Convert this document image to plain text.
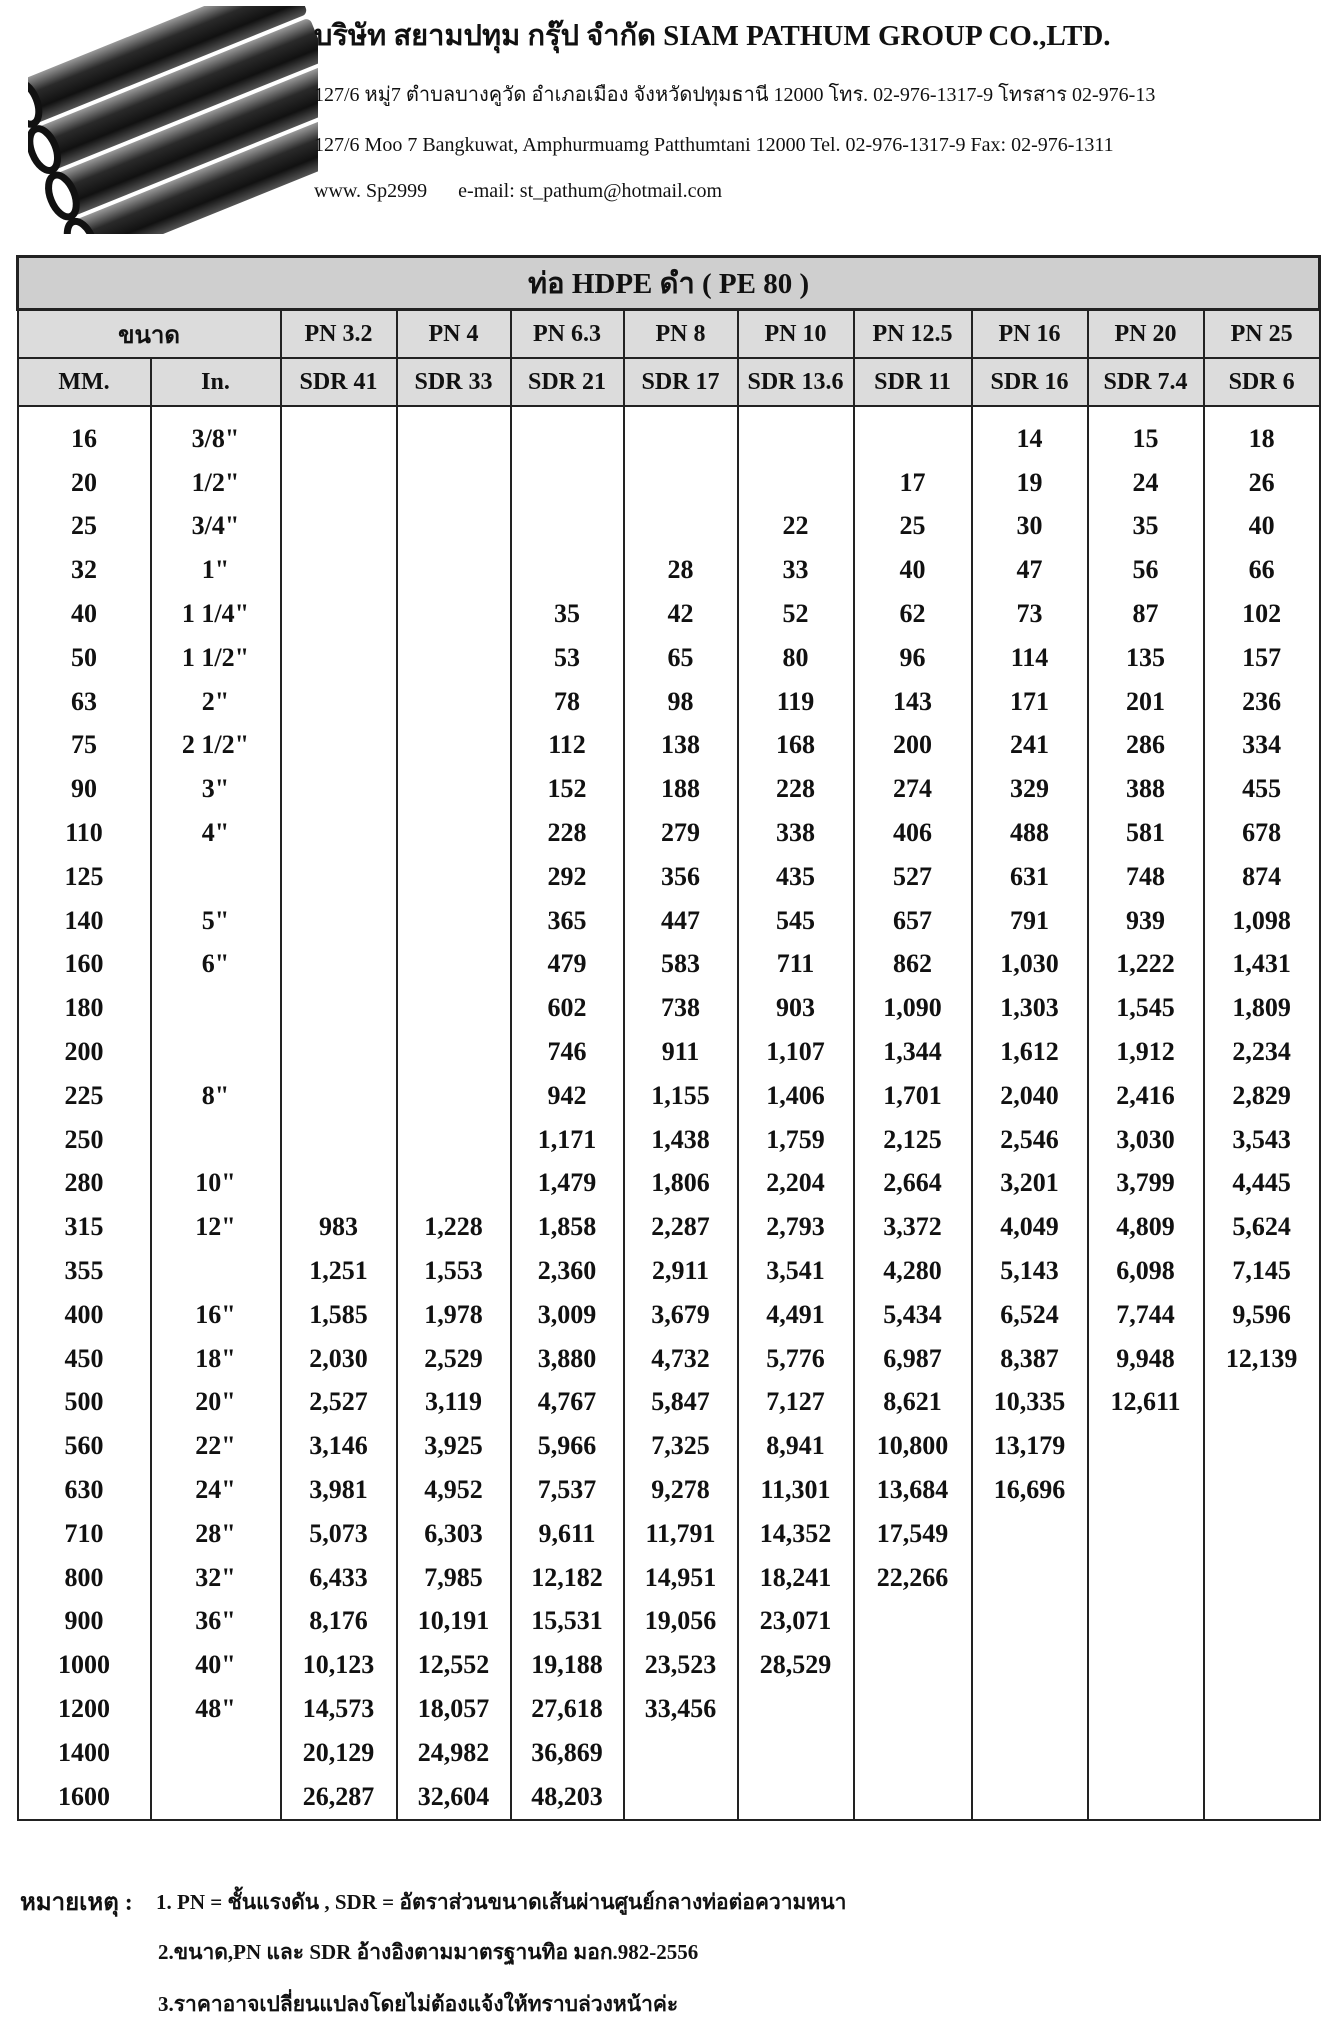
บริษัท สยามปทุม กรุ๊ป จำกัด SIAM PATHUM GROUP CO.,LTD.
127/6 หมู่7 ตำบลบางคูวัด อำเภอเมือง จังหวัดปทุมธานี 12000 โทร. 02-976-1317-9 โทรสาร 02-976-13
127/6 Moo 7 Bangkuwat, Amphurmuamg Patthumtani 12000 Tel. 02-976-1317-9 Fax: 02-976-1311
www. Sp2999 e-mail: st_pathum@hotmail.com
ท่อ HDPE ดำ ( PE 80 )										
ขนาด		PN 3.2	PN 4	PN 6.3	PN 8	PN 10	PN 12.5	PN 16	PN 20	PN 25
MM.	In.	SDR 41	SDR 33	SDR 21	SDR 17	SDR 13.6	SDR 11	SDR 16	SDR 7.4	SDR 6

16	3/8"							14	15	18
20	1/2"						17	19	24	26
25	3/4"					22	25	30	35	40
32	1"				28	33	40	47	56	66
40	1 1/4"			35	42	52	62	73	87	102
50	1 1/2"			53	65	80	96	114	135	157
63	2"			78	98	119	143	171	201	236
75	2 1/2"			112	138	168	200	241	286	334
90	3"			152	188	228	274	329	388	455
110	4"			228	279	338	406	488	581	678
125				292	356	435	527	631	748	874
140	5"			365	447	545	657	791	939	1,098
160	6"			479	583	711	862	1,030	1,222	1,431
180				602	738	903	1,090	1,303	1,545	1,809
200				746	911	1,107	1,344	1,612	1,912	2,234
225	8"			942	1,155	1,406	1,701	2,040	2,416	2,829
250				1,171	1,438	1,759	2,125	2,546	3,030	3,543
280	10"			1,479	1,806	2,204	2,664	3,201	3,799	4,445
315	12"	983	1,228	1,858	2,287	2,793	3,372	4,049	4,809	5,624
355		1,251	1,553	2,360	2,911	3,541	4,280	5,143	6,098	7,145
400	16"	1,585	1,978	3,009	3,679	4,491	5,434	6,524	7,744	9,596
450	18"	2,030	2,529	3,880	4,732	5,776	6,987	8,387	9,948	12,139
500	20"	2,527	3,119	4,767	5,847	7,127	8,621	10,335	12,611	
560	22"	3,146	3,925	5,966	7,325	8,941	10,800	13,179		
630	24"	3,981	4,952	7,537	9,278	11,301	13,684	16,696		
710	28"	5,073	6,303	9,611	11,791	14,352	17,549			
800	32"	6,433	7,985	12,182	14,951	18,241	22,266			
900	36"	8,176	10,191	15,531	19,056	23,071				
1000	40"	10,123	12,552	19,188	23,523	28,529				
1200	48"	14,573	18,057	27,618	33,456					
1400		20,129	24,982	36,869						
1600		26,287	32,604	48,203						
หมายเหตุ : 1. PN = ชั้นแรงดัน , SDR = อัตราส่วนขนาดเส้นผ่านศูนย์กลางท่อต่อความหนา
2.ขนาด,PN และ SDR อ้างอิงตามมาตรฐานทิอ มอก.982-2556
3.ราคาอาจเปลี่ยนแปลงโดยไม่ต้องแจ้งให้ทราบล่วงหน้าค่ะ
